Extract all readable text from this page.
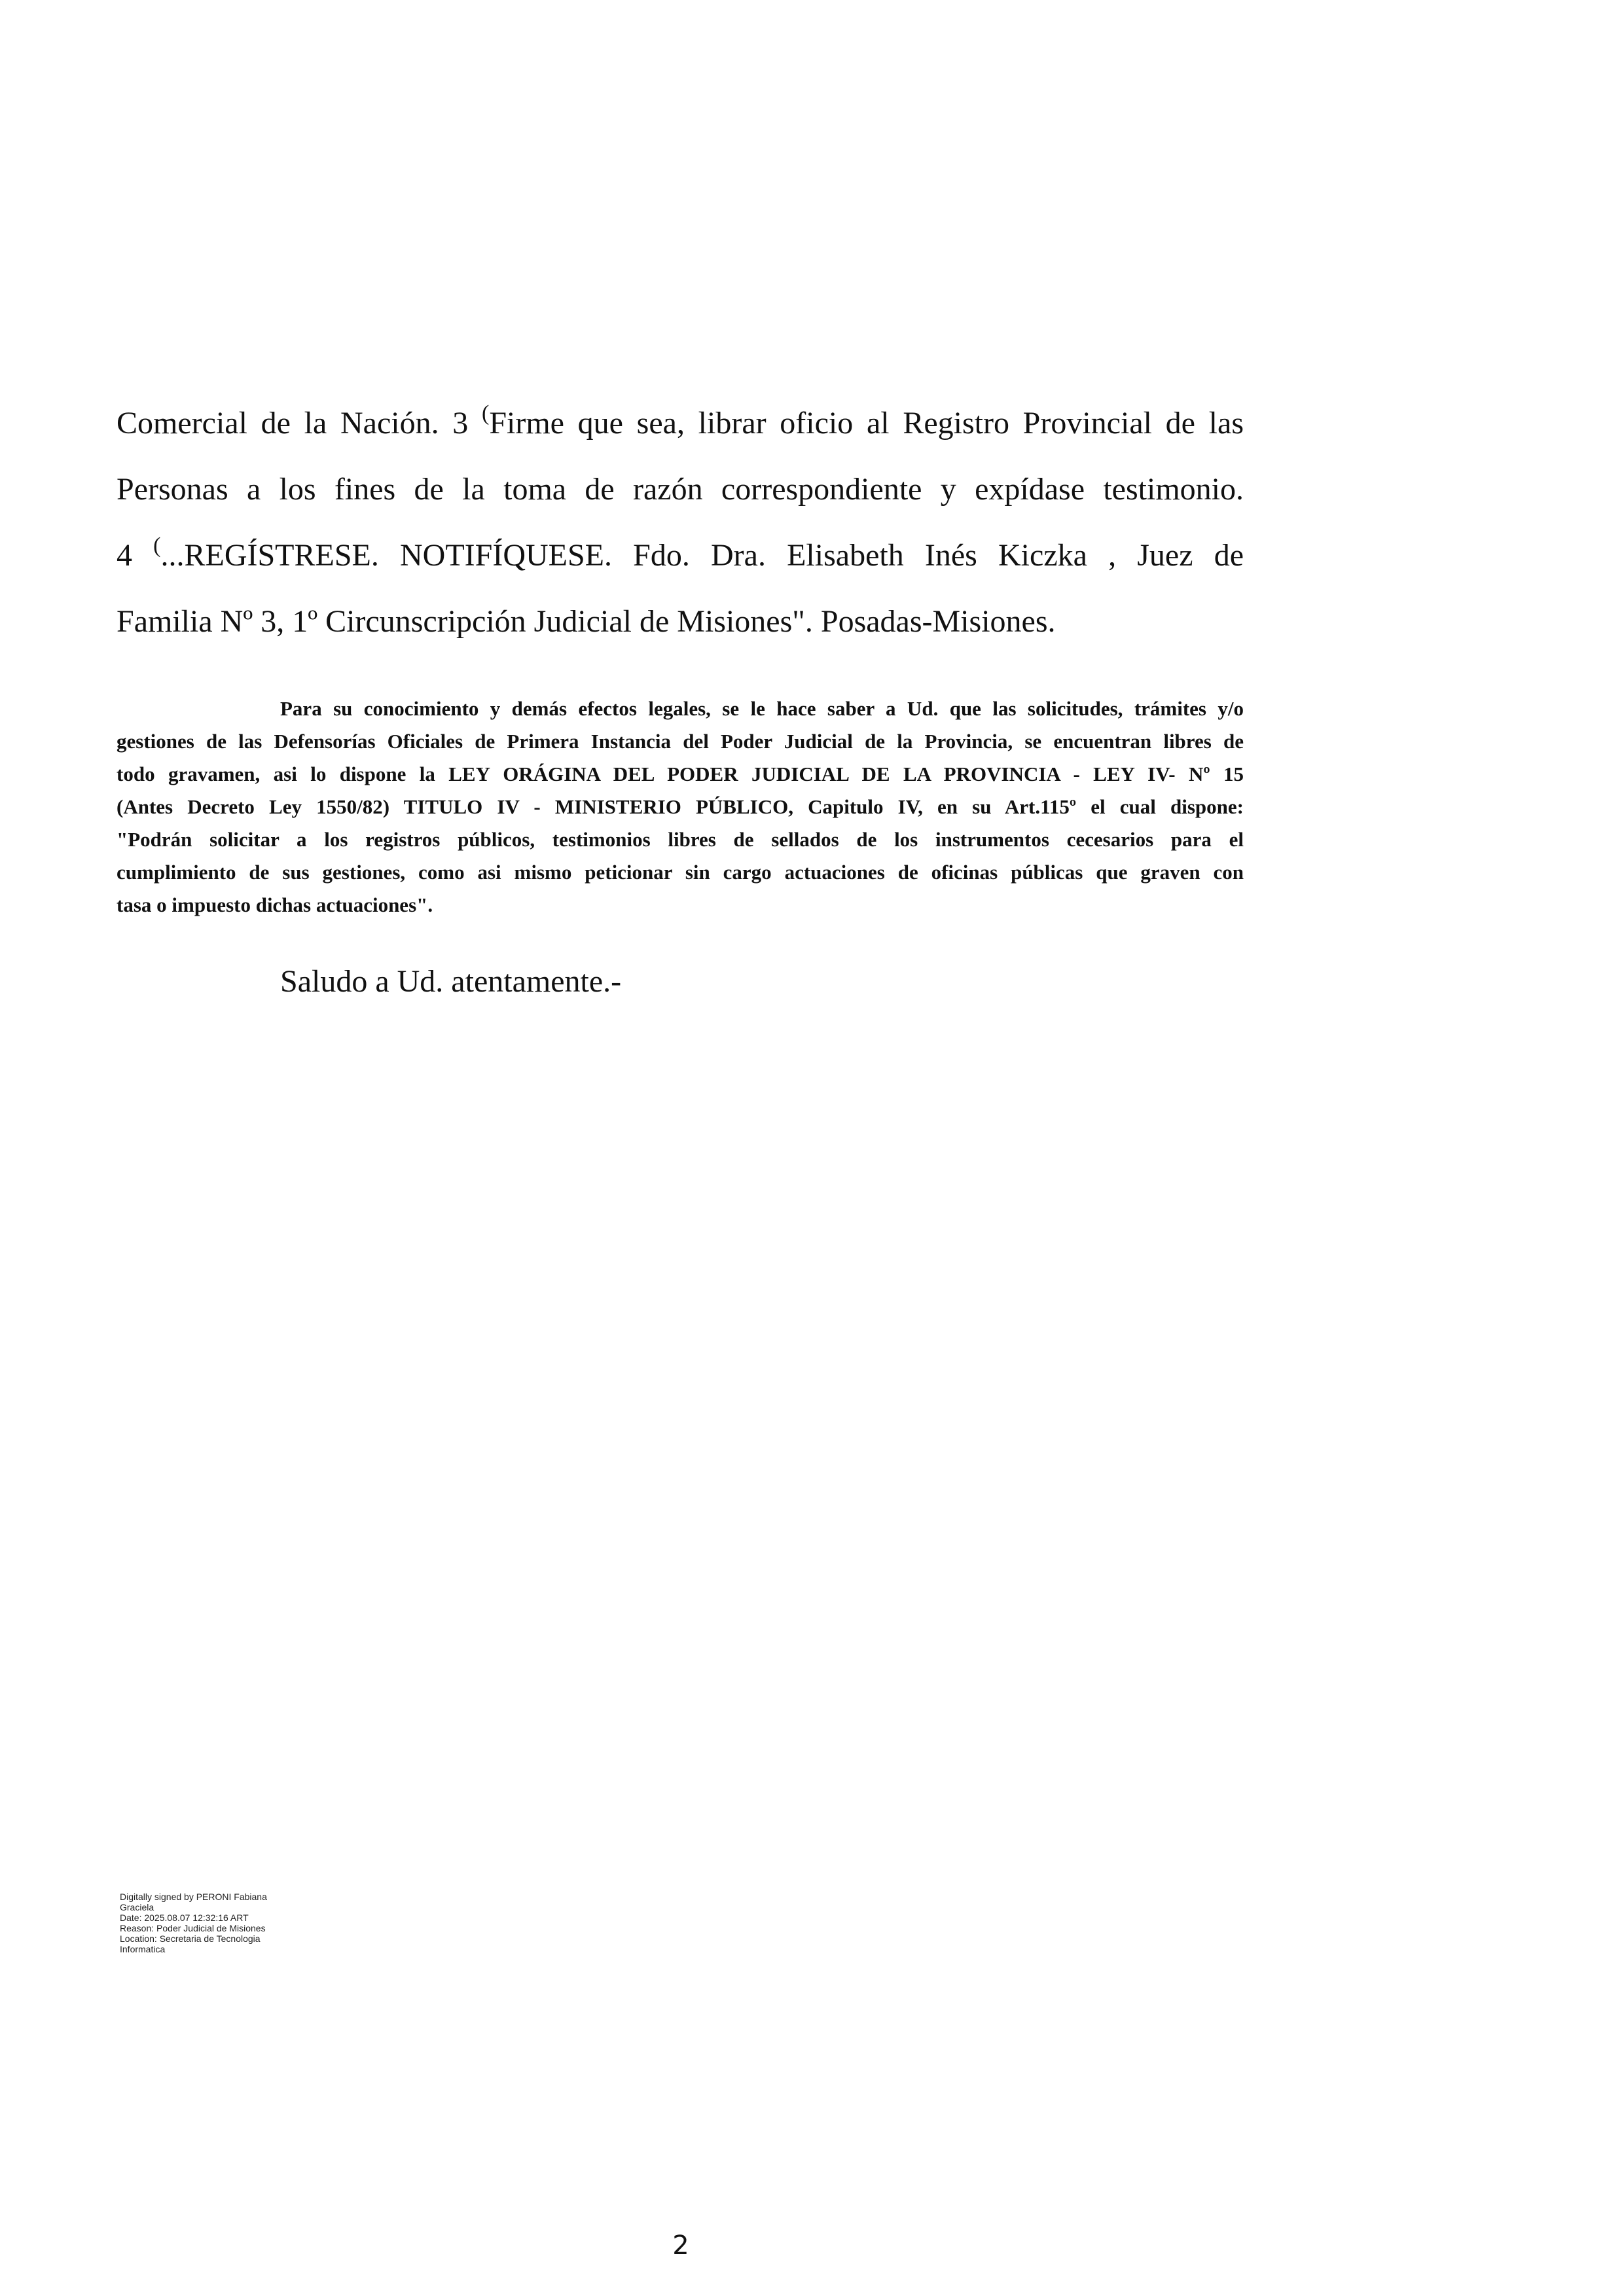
Comercial de la Nación. 3 (Firme que sea, librar oficio al Registro Provincial de las
Personas a los fines de la toma de razón correspondiente y expídase testimonio.
4 (...REGÍSTRESE. NOTIFÍQUESE. Fdo. Dra. Elisabeth Inés Kiczka , Juez de
Familia Nº 3, 1º Circunscripción Judicial de Misiones". Posadas-Misiones.
Para su conocimiento y demás efectos legales, se le hace saber a Ud. que las solicitudes, trámites y/o
gestiones de las Defensorías Oficiales de Primera Instancia del Poder Judicial de la Provincia, se encuentran libres de
todo gravamen, asi lo dispone la LEY ORÁGINA DEL PODER JUDICIAL DE LA PROVINCIA - LEY IV- Nº 15
(Antes Decreto Ley 1550/82) TITULO IV - MINISTERIO PÚBLICO, Capitulo IV, en su Art.115º el cual dispone:
"Podrán solicitar a los registros públicos, testimonios libres de sellados de los instrumentos cecesarios para el
cumplimiento de sus gestiones, como asi mismo peticionar sin cargo actuaciones de oficinas públicas que graven con
tasa o impuesto dichas actuaciones".

Saludo a Ud. atentamente.-

Digitally signed by PERONI Fabiana
Graciela
Date: 2025.08.07 12:32:16 ART
Reason: Poder Judicial de Misiones
Location: Secretaria de Tecnologia
Informatica
2
